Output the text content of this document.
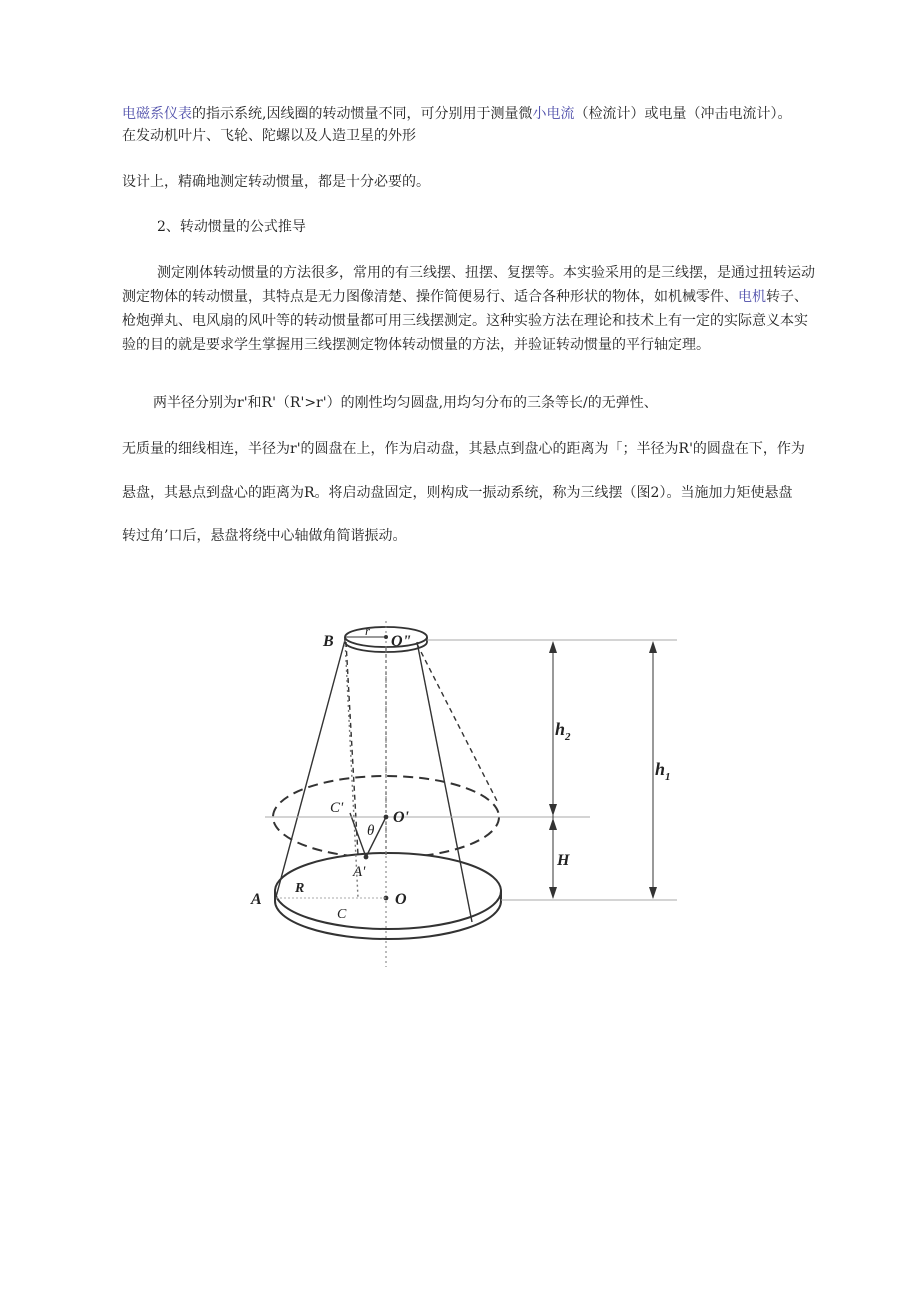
电磁系仪表的指示系统,因线圈的转动惯量不同，可分别用于测量微小电流（检流计）或电量（冲击电流计）。
在发动机叶片、飞轮、陀螺以及人造卫星的外形
设计上，精确地测定转动惯量，都是十分必要的。
2、转动惯量的公式推导
测定刚体转动惯量的方法很多，常用的有三线摆、扭摆、复摆等。本实验采用的是三线摆，是通过扭转运动
测定物体的转动惯量，其特点是无力图像清楚、操作简便易行、适合各种形状的物体，如机械零件、电机转子、
枪炮弹丸、电风扇的风叶等的转动惯量都可用三线摆测定。这种实验方法在理论和技术上有一定的实际意义本实
验的目的就是要求学生掌握用三线摆测定物体转动惯量的方法，并验证转动惯量的平行轴定理。
两半径分别为r'和R'（R'>r'）的刚性均匀圆盘,用均匀分布的三条等长/的无弹性、
无质量的细线相连，半径为r'的圆盘在上，作为启动盘，其悬点到盘心的距离为「；半径为R'的圆盘在下，作为
悬盘，其悬点到盘心的距离为R。将启动盘固定，则构成一振动系统，称为三线摆（图2）。当施加力矩使悬盘
转过角’口后，悬盘将绕中心轴做角简谐振动。
B
r
O"
$h_2$
$h_1$
C'
O'
θ
H
A'
A
R
O
C
